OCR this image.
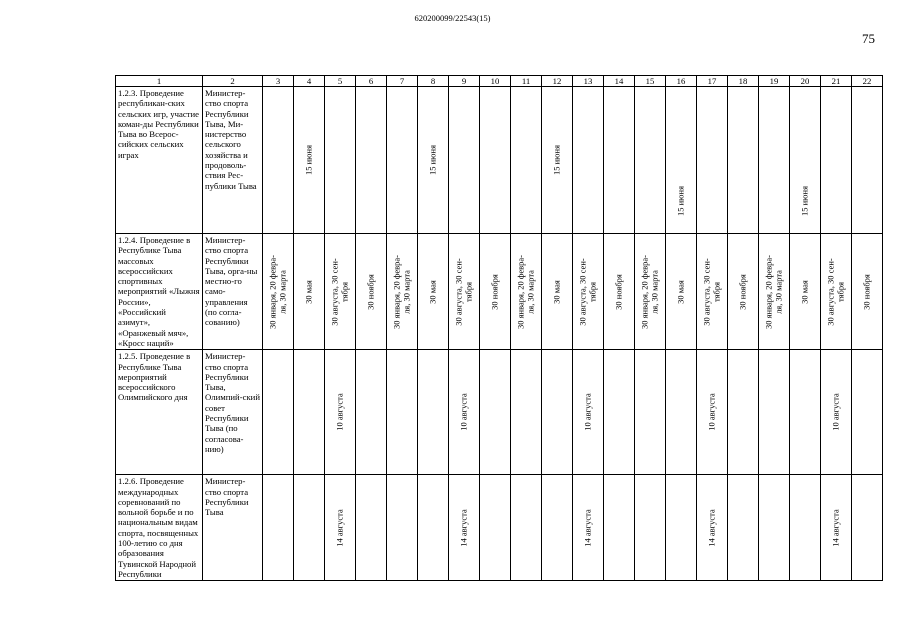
620200099/22543(15)
75
1	2	3	4	5	6	7	8	9	10	11	12	13	14	15	16	17	18	19	20	21	22
1.2.3. Проведение республикан-ских сельских игр, участие коман-ды Республики Тыва во Всерос-сийских сельских играх	Министер-ство спорта Республики Тыва, Ми-нистерство сельского хозяйства и продоволь-ствия Рес-публики Тыва		15 июня				15 июня				15 июня				15 июня				15 июня		

1.2.4. Проведение в Республике Тыва массовых всероссийских спортивных мероприятий «Лыжня России», «Российский азимут», «Оранжевый мяч», «Кросс наций»	Министер-ство спорта Республики Тыва, орга-ны местно-го само-управления (по согла-сованию)	30 января, 20 февра-
ля, 30 марта	30 мая	30 августа, 30 сен-
тября	30 ноября	30 января, 20 февра-
ля, 30 марта	30 мая	30 августа, 30 сен-
тября	30 ноября	30 января, 20 февра-
ля, 30 марта	30 мая	30 августа, 30 сен-
тября	30 ноября	30 января, 20 февра-
ля, 30 марта	30 мая	30 августа, 30 сен-
тября	30 ноября	30 января, 20 февра-
ля, 30 марта	30 мая	30 августа, 30 сен-
тября	30 ноября

1.2.5. Проведение в Республике Тыва мероприятий всероссийского Олимпийского дня	Министер-ство спорта Республики Тыва, Олимпий-ский совет Республики Тыва (по согласова-нию)			10 августа				10 августа				10 августа				10 августа				10 августа	

1.2.6. Проведение международных соревнований по вольной борьбе и по национальным видам спорта, посвященных 100-летию со дня образования Тувинской Народной Республики	Министер-ство спорта Республики Тыва			14 августа				14 августа				14 августа				14 августа				14 августа	
